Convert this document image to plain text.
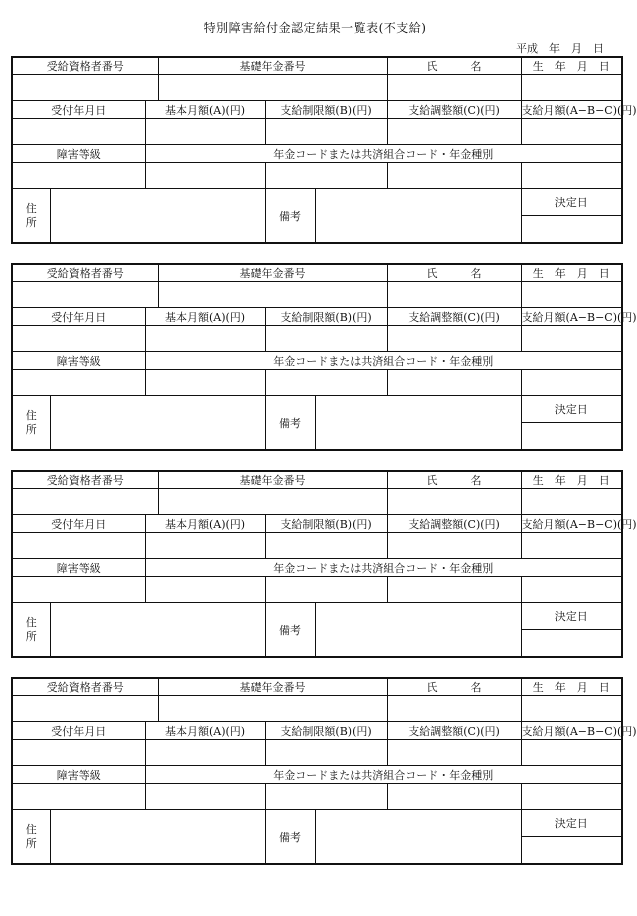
特別障害給付金認定結果一覧表(不支給)
平成　年　月　日
受給資格者番号			基礎年金番号			氏　　　名	生　年　月　日

受付年月日		基本月額(A)(円)		支給制限額(B)(円)		支給調整額(C)(円)	支給月額(A−B−C)(円)

障害等級		年金コードまたは共済組合コード・年金種別					

住
所				備考			決定日

受給資格者番号			基礎年金番号			氏　　　名	生　年　月　日

受付年月日		基本月額(A)(円)		支給制限額(B)(円)		支給調整額(C)(円)	支給月額(A−B−C)(円)

障害等級		年金コードまたは共済組合コード・年金種別					

住
所				備考			決定日

受給資格者番号			基礎年金番号			氏　　　名	生　年　月　日

受付年月日		基本月額(A)(円)		支給制限額(B)(円)		支給調整額(C)(円)	支給月額(A−B−C)(円)

障害等級		年金コードまたは共済組合コード・年金種別					

住
所				備考			決定日

受給資格者番号			基礎年金番号			氏　　　名	生　年　月　日

受付年月日		基本月額(A)(円)		支給制限額(B)(円)		支給調整額(C)(円)	支給月額(A−B−C)(円)

障害等級		年金コードまたは共済組合コード・年金種別					

住
所				備考			決定日
